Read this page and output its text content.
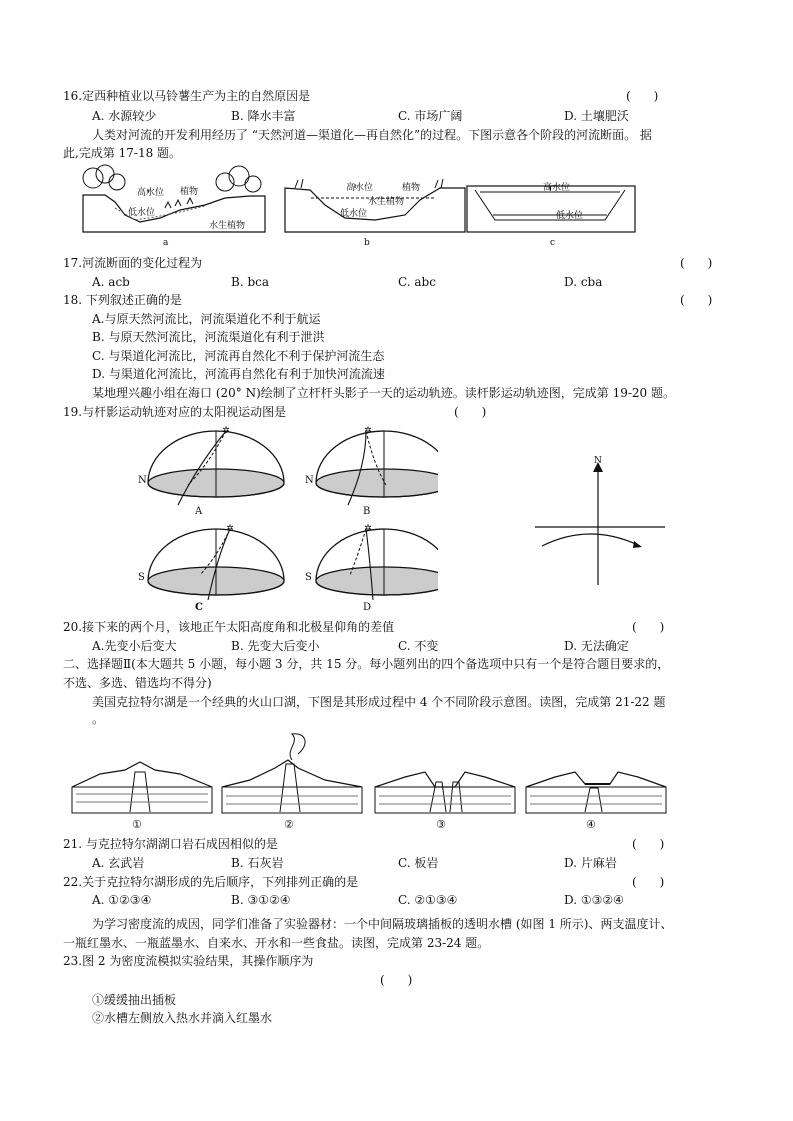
16.定西种植业以马铃薯生产为主的自然原因是	(      )
A. 水源较少	B. 降水丰富	C. 市场广阔	D. 土壤肥沃
人类对河流的开发利用经历了 “天然河道—渠道化—再自然化”的过程。下图示意各个阶段的河流断面。 据
此,完成第 17-18 题。
高水位 植物
低水位
水生植物
a
高水位	植物
水生植物
低水位
b
高水位
低水位
c
17.河流断面的变化过程为	(      )
A. acb	B. bca	C. abc	D. cba
18. 下列叙述正确的是	(      )
A.与原天然河流比，河流渠道化不利于航运
B. 与原天然河流比，河流渠道化有利于泄洪
C. 与渠道化河流比，河流再自然化不利于保护河流生态
D. 与渠道化河流比，河流再自然化有利于加快河流流速
某地理兴趣小组在海口 (20° N)绘制了立杆杆头影子一天的运动轨迹。读杆影运动轨迹图，完成第 19-20 题。
19.与杆影运动轨迹对应的太阳视运动图是	(      )
✲	✲
✲	✲
N
A
N
B
S
C
S
D
N
20.接下来的两个月，该地正午太阳高度角和北极星仰角的差值	(      )
A.先变小后变大	B. 先变大后变小	C. 不变	D. 无法确定
二、选择题Ⅱ(本大题共 5 小题，每小题 3 分，共 15 分。每小题列出的四个备选项中只有一个是符合题目要求的，
不选、多选、错选均不得分)
美国克拉特尔湖是一个经典的火山口湖，下图是其形成过程中 4 个不同阶段示意图。读图，完成第 21-22 题
。
①	②	③	④
21. 与克拉特尔湖湖口岩石成因相似的是	(      )
A. 玄武岩	B. 石灰岩	C. 板岩	D. 片麻岩
22.关于克拉特尔湖形成的先后顺序，下列排列正确的是	(      )
A. ①②③④	B. ③①②④	C. ②①③④	D. ①③②④
为学习密度流的成因，同学们准备了实验器材：一个中间隔玻璃插板的透明水槽 (如图 1 所示)、两支温度计、
一瓶红墨水、一瓶蓝墨水、自来水、开水和一些食盐。读图，完成第 23-24 题。
23.图 2 为密度流模拟实验结果，其操作顺序为
(      )
①缓缓抽出插板
②水槽左侧放入热水并滴入红墨水
